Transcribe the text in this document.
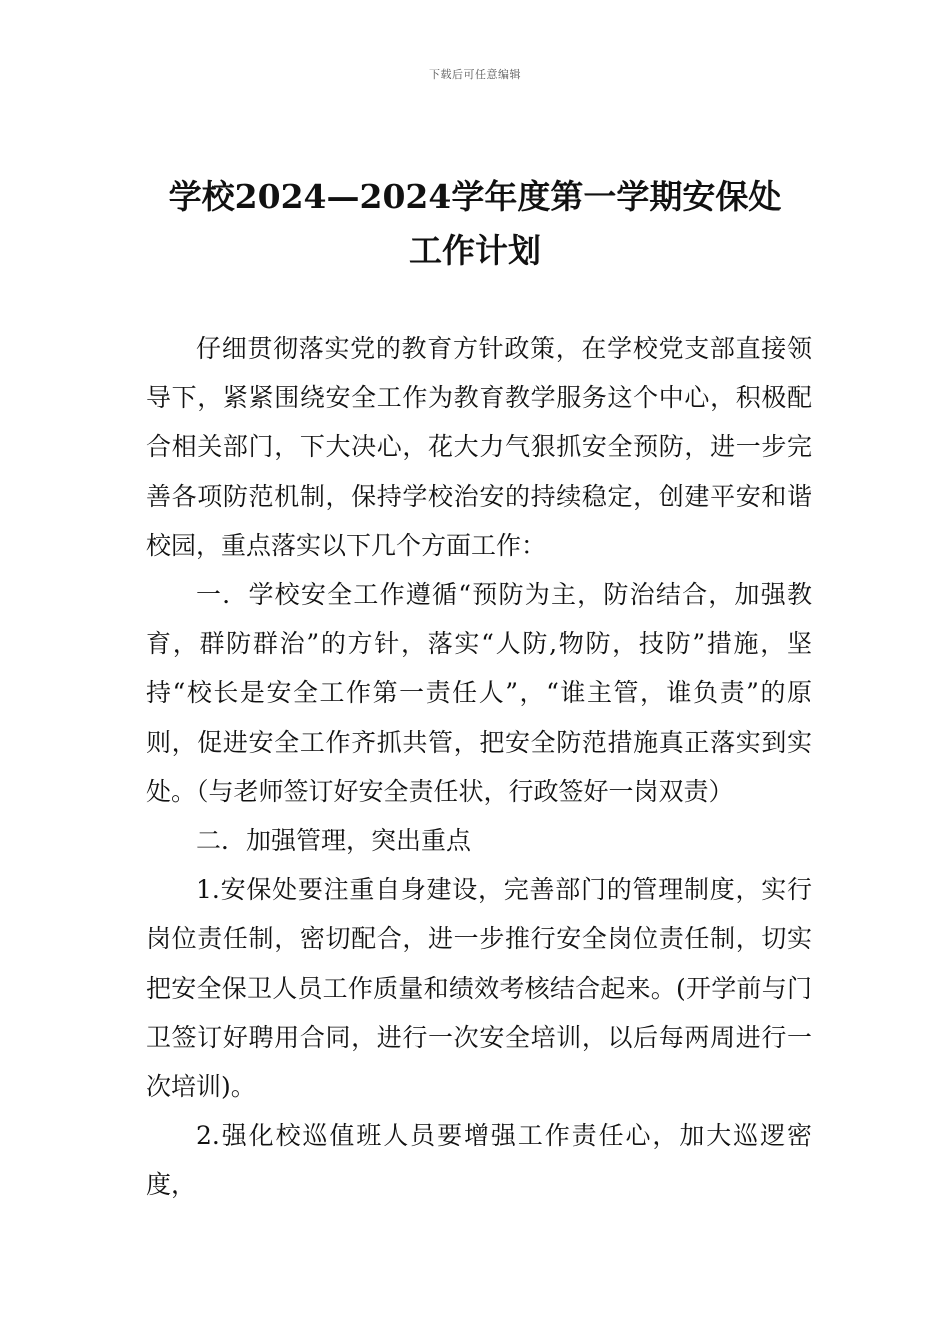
下载后可任意编辑
学校2024—2024学年度第一学期安保处
工作计划

仔细贯彻落实党的教育方针政策，在学校党支部直接领导下，紧紧围绕安全工作为教育教学服务这个中心，积极配合相关部门，下大决心，花大力气狠抓安全预防，进一步完善各项防范机制，保持学校治安的持续稳定，创建平安和谐校园，重点落实以下几个方面工作：

一．学校安全工作遵循“预防为主，防治结合，加强教育，群防群治”的方针，落实“人防,物防，技防”措施，坚持“校长是安全工作第一责任人”，“谁主管，谁负责”的原则，促进安全工作齐抓共管，把安全防范措施真正落实到实处。（与老师签订好安全责任状，行政签好一岗双责）

二．加强管理，突出重点

1.安保处要注重自身建设，完善部门的管理制度，实行岗位责任制，密切配合，进一步推行安全岗位责任制，切实把安全保卫人员工作质量和绩效考核结合起来。(开学前与门卫签订好聘用合同，进行一次安全培训，以后每两周进行一次培训)。

2.强化校巡值班人员要增强工作责任心，加大巡逻密度，
